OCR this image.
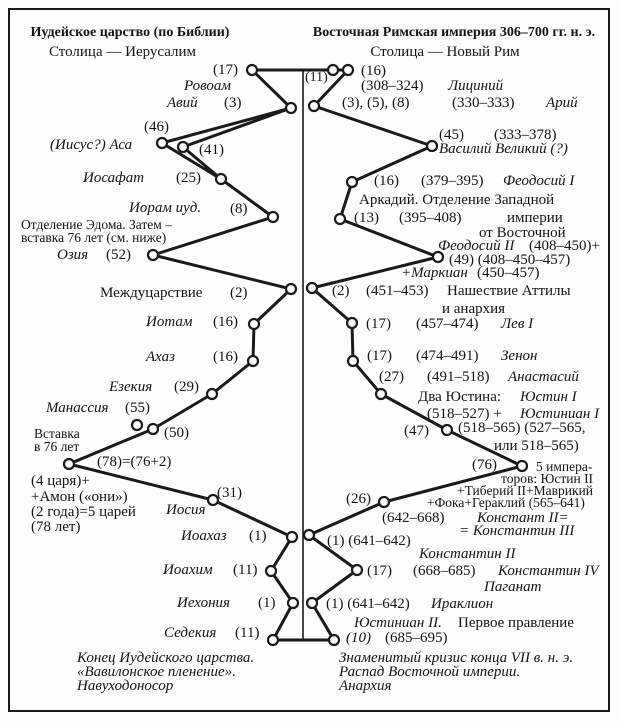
Иудейское царство (по Библии)	Восточная Римская империя 306–700 гг. н. э.
Столица — Иерусалим	Столица — Новый Рим
(17)
Ровоам
Авий (3)
(46)
(Иисус?) Аса	(41)
Иосафат (25)
Иорам иуд. (8)
Отделение Эдома. Затем –
вставка 76 лет (см. ниже)
Озия (52)
Междуцарствие (2)
Иотам (16)
Ахаз	(16)
Езекия (29)
Манассия (55)
(50)
Вставка
в 76 лет
(78)=(76+2)
(4 царя)+
+Амон («они»)
(2 года)=5 царей
(78 лет)
Иосия
(31)
Иоахаз (1)
Иоахим (11)
Иехония (1)
Седекия (11)
Конец Иудейского царства.
«Вавилонское пленение».
Навуходоносор
(11) (16)
(308–324) Лициний
(3), (5), (8)	(330–333) Арий
(45) (333–378)
Василий Великий (?)
(16) (379–395) Феодосий I
Аркадий. Отделение Западной
(13) (395–408)	империи
от Восточной
Феодосий II (408–450)+
(49) (408–450–457)
+Маркиан (450–457)
(2) (451–453) Нашествие Аттилы
и анархия
(17) (457–474) Лев I
(17) (474–491) Зенон
(27) (491–518) Анастасий
Два Юстина: Юстин I
(518–527) + Юстиниан I
(47) (518–565) (527–565,
или 518–565)
(76)	5 импера-
торов: Юстин II
+Тиберий II+Маврикий
+Фока+Гераклий (565–641)
(26)
(642–668) Констант II=
= Константин III
(1) (641–642)
Константин II
(17) (668–685) Константин IV
Паганат
(1) (641–642) Ираклион
Юстиниан II. Первое правление
(10) (685–695)
Знаменитый кризис конца VII в. н. э.
Распад Восточной империи.
Анархия
